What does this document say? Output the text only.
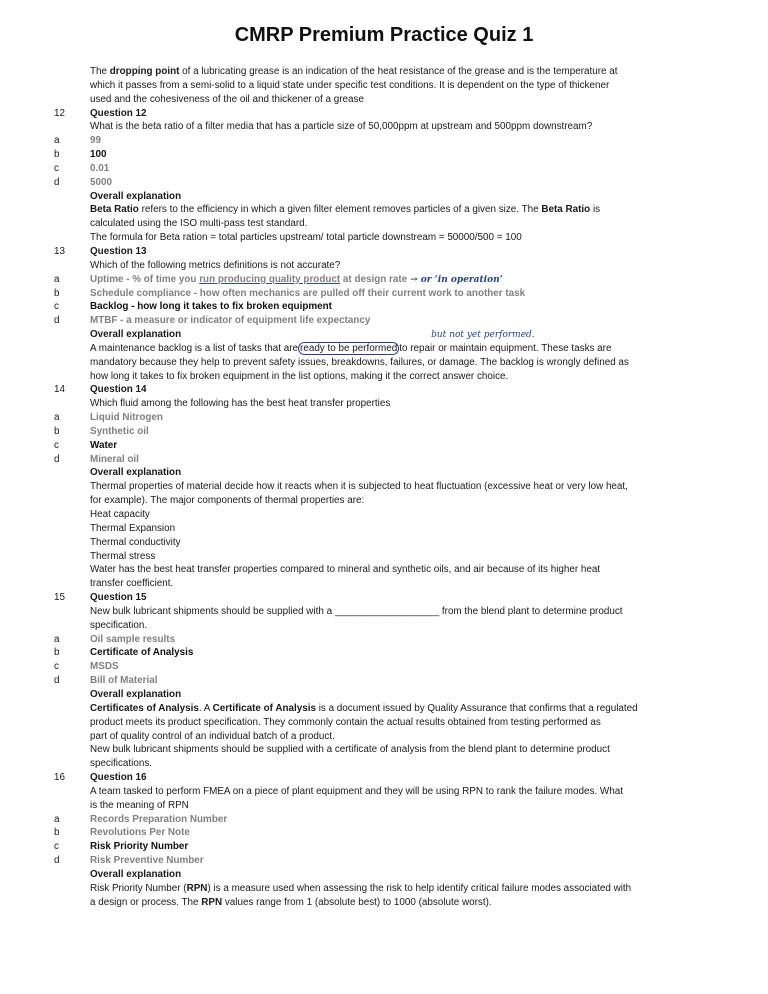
CMRP Premium Practice Quiz 1
The dropping point of a lubricating grease is an indication of the heat resistance of the grease and is the temperature at
which it passes from a semi-solid to a liquid state under specific test conditions. It is dependent on the type of thickener
used and the cohesiveness of the oil and thickener of a grease
12	Question 12
What is the beta ratio of a filter media that has a particle size of 50,000ppm at upstream and 500ppm downstream?
a	99
b	100
c	0.01
d	5000
Overall explanation
Beta Ratio refers to the efficiency in which a given filter element removes particles of a given size. The Beta Ratio is
calculated using the ISO multi-pass test standard.
The formula for Beta ration = total particles upstream/ total particle downstream = 50000/500 = 100
13	Question 13
Which of the following metrics definitions is not accurate?
a	Uptime - % of time you run producing quality product at design rate → or ‘in operation’
b	Schedule compliance - how often mechanics are pulled off their current work to another task
c	Backlog - how long it takes to fix broken equipment
d	MTBF - a measure or indicator of equipment life expectancy
Overall explanation	but not yet performed.
A maintenance backlog is a list of tasks that are ready to be performed to repair or maintain equipment. These tasks are
mandatory because they help to prevent safety issues, breakdowns, failures, or damage. The backlog is wrongly defined as
how long it takes to fix broken equipment in the list options, making it the correct answer choice.
14	Question 14
Which fluid among the following has the best heat transfer properties
a	Liquid Nitrogen
b	Synthetic oil
c	Water
d	Mineral oil
Overall explanation
Thermal properties of material decide how it reacts when it is subjected to heat fluctuation (excessive heat or very low heat,
for example). The major components of thermal properties are:
Heat capacity
Thermal Expansion
Thermal conductivity
Thermal stress
Water has the best heat transfer properties compared to mineral and synthetic oils, and air because of its higher heat
transfer coefficient.
15	Question 15
New bulk lubricant shipments should be supplied with a ___________________ from the blend plant to determine product
specification.
a	Oil sample results
b	Certificate of Analysis
c	MSDS
d	Bill of Material
Overall explanation
Certificates of Analysis. A Certificate of Analysis is a document issued by Quality Assurance that confirms that a regulated
product meets its product specification. They commonly contain the actual results obtained from testing performed as
part of quality control of an individual batch of a product.
New bulk lubricant shipments should be supplied with a certificate of analysis from the blend plant to determine product
specifications.
16	Question 16
A team tasked to perform FMEA on a piece of plant equipment and they will be using RPN to rank the failure modes. What
is the meaning of RPN
a	Records Preparation Number
b	Revolutions Per Note
c	Risk Priority Number
d	Risk Preventive Number
Overall explanation
Risk Priority Number (RPN) is a measure used when assessing the risk to help identify critical failure modes associated with
a design or process. The RPN values range from 1 (absolute best) to 1000 (absolute worst).
